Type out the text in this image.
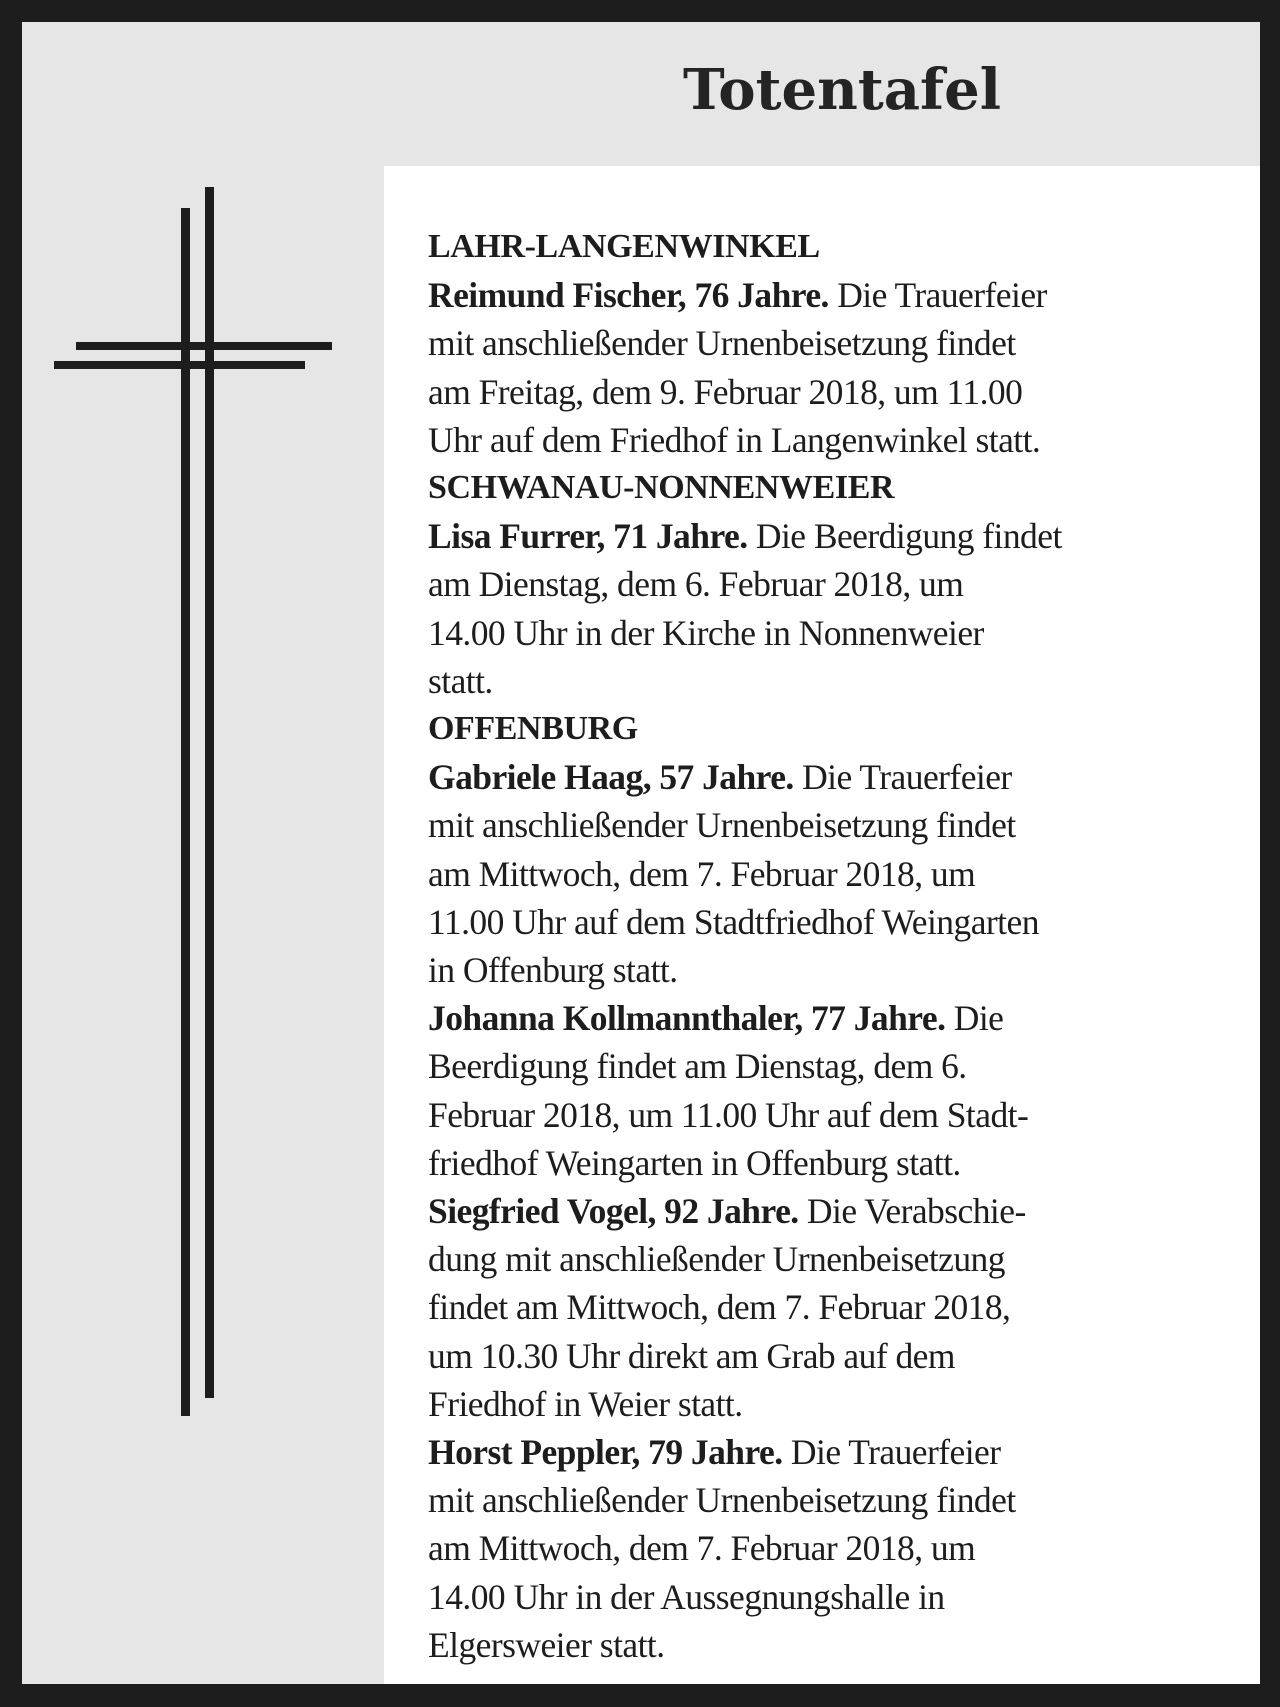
Totentafel

LAHR-LANGENWINKEL

Reimund Fischer, 76 Jahre. Die Trauerfeier

mit anschließender Urnenbeisetzung findet

am Freitag, dem 9. Februar 2018, um 11.00

Uhr auf dem Friedhof in Langenwinkel statt.

SCHWANAU-NONNENWEIER

Lisa Furrer, 71 Jahre. Die Beerdigung findet

am Dienstag, dem 6. Februar 2018, um

14.00 Uhr in der Kirche in Nonnenweier

statt.

OFFENBURG

Gabriele Haag, 57 Jahre. Die Trauerfeier

mit anschließender Urnenbeisetzung findet

am Mittwoch, dem 7. Februar 2018, um

11.00 Uhr auf dem Stadtfriedhof Weingarten

in Offenburg statt.

Johanna Kollmannthaler, 77 Jahre. Die

Beerdigung findet am Dienstag, dem 6.

Februar 2018, um 11.00 Uhr auf dem Stadt-

friedhof Weingarten in Offenburg statt.

Siegfried Vogel, 92 Jahre. Die Verabschie-

dung mit anschließender Urnenbeisetzung

findet am Mittwoch, dem 7. Februar 2018,

um 10.30 Uhr direkt am Grab auf dem

Friedhof in Weier statt.

Horst Peppler, 79 Jahre. Die Trauerfeier

mit anschließender Urnenbeisetzung findet

am Mittwoch, dem 7. Februar 2018, um

14.00 Uhr in der Aussegnungshalle in

Elgersweier statt.
